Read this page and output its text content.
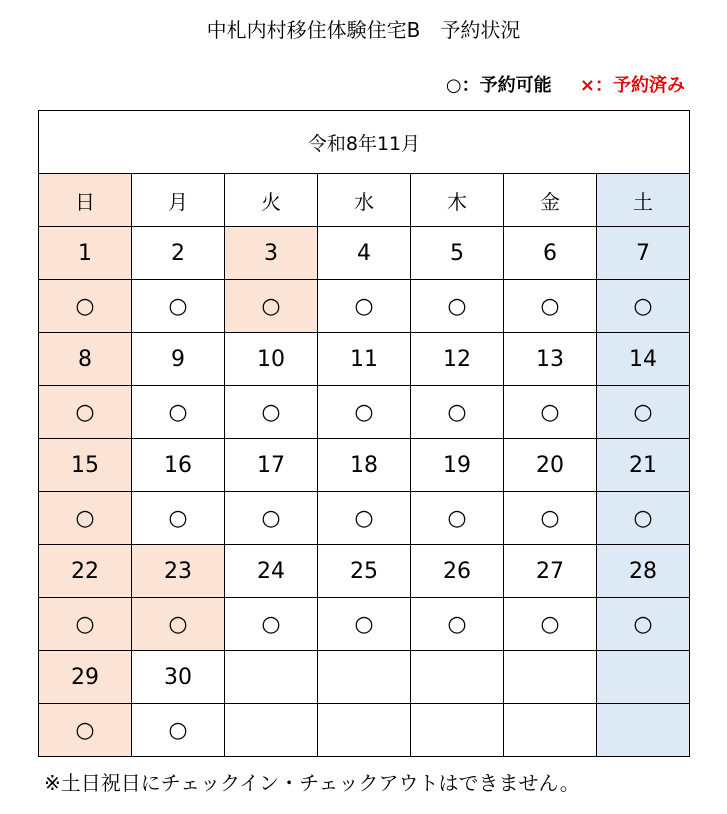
中札内村移住体験住宅B　予約状況
○：予約可能 ×：予約済み
令和8年11月						
日	月	火	水	木	金	土
1	2	3	4	5	6	7
○	○	○	○	○	○	○
8	9	10	11	12	13	14
○	○	○	○	○	○	○
15	16	17	18	19	20	21
○	○	○	○	○	○	○
22	23	24	25	26	27	28
○	○	○	○	○	○	○
29	30					
○	○					
※土日祝日にチェックイン・チェックアウトはできません。
